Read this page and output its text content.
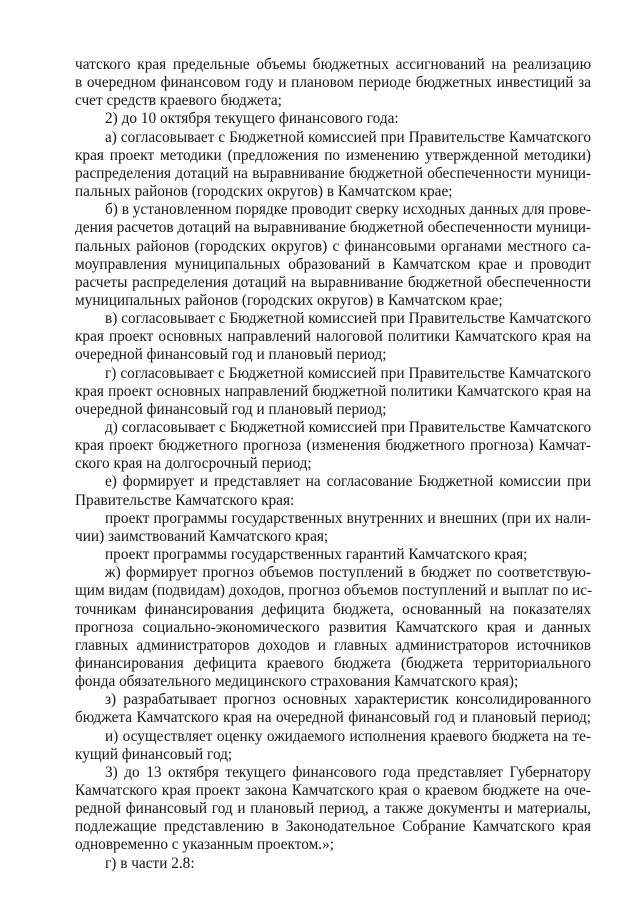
чатского края предельные объемы бюджетных ассигнований на реализацию
в очередном финансовом году и плановом периоде бюджетных инвестиций за
счет средств краевого бюджета;
2) до 10 октября текущего финансового года:
а) согласовывает с Бюджетной комиссией при Правительстве Камчатского
края проект методики (предложения по изменению утвержденной методики)
распределения дотаций на выравнивание бюджетной обеспеченности муници-
пальных районов (городских округов) в Камчатском крае;
б) в установленном порядке проводит сверку исходных данных для прове-
дения расчетов дотаций на выравнивание бюджетной обеспеченности муници-
пальных районов (городских округов) с финансовыми органами местного са-
моуправления муниципальных образований в Камчатском крае и проводит
расчеты распределения дотаций на выравнивание бюджетной обеспеченности
муниципальных районов (городских округов) в Камчатском крае;
в) согласовывает с Бюджетной комиссией при Правительстве Камчатского
края проект основных направлений налоговой политики Камчатского края на
очередной финансовый год и плановый период;
г) согласовывает с Бюджетной комиссией при Правительстве Камчатского
края проект основных направлений бюджетной политики Камчатского края на
очередной финансовый год и плановый период;
д) согласовывает с Бюджетной комиссией при Правительстве Камчатского
края проект бюджетного прогноза (изменения бюджетного прогноза) Камчат-
ского края на долгосрочный период;
е) формирует и представляет на согласование Бюджетной комиссии при
Правительстве Камчатского края:
проект программы государственных внутренних и внешних (при их нали-
чии) заимствований Камчатского края;
проект программы государственных гарантий Камчатского края;
ж) формирует прогноз объемов поступлений в бюджет по соответствую-
щим видам (подвидам) доходов, прогноз объемов поступлений и выплат по ис-
точникам финансирования дефицита бюджета, основанный на показателях
прогноза социально-экономического развития Камчатского края и данных
главных администраторов доходов и главных администраторов источников
финансирования дефицита краевого бюджета (бюджета территориального
фонда обязательного медицинского страхования Камчатского края);
з) разрабатывает прогноз основных характеристик консолидированного
бюджета Камчатского края на очередной финансовый год и плановый период;
и) осуществляет оценку ожидаемого исполнения краевого бюджета на те-
кущий финансовый год;
3) до 13 октября текущего финансового года представляет Губернатору
Камчатского края проект закона Камчатского края о краевом бюджете на оче-
редной финансовый год и плановый период, а также документы и материалы,
подлежащие представлению в Законодательное Собрание Камчатского края
одновременно с указанным проектом.»;
г) в части 2.8:
